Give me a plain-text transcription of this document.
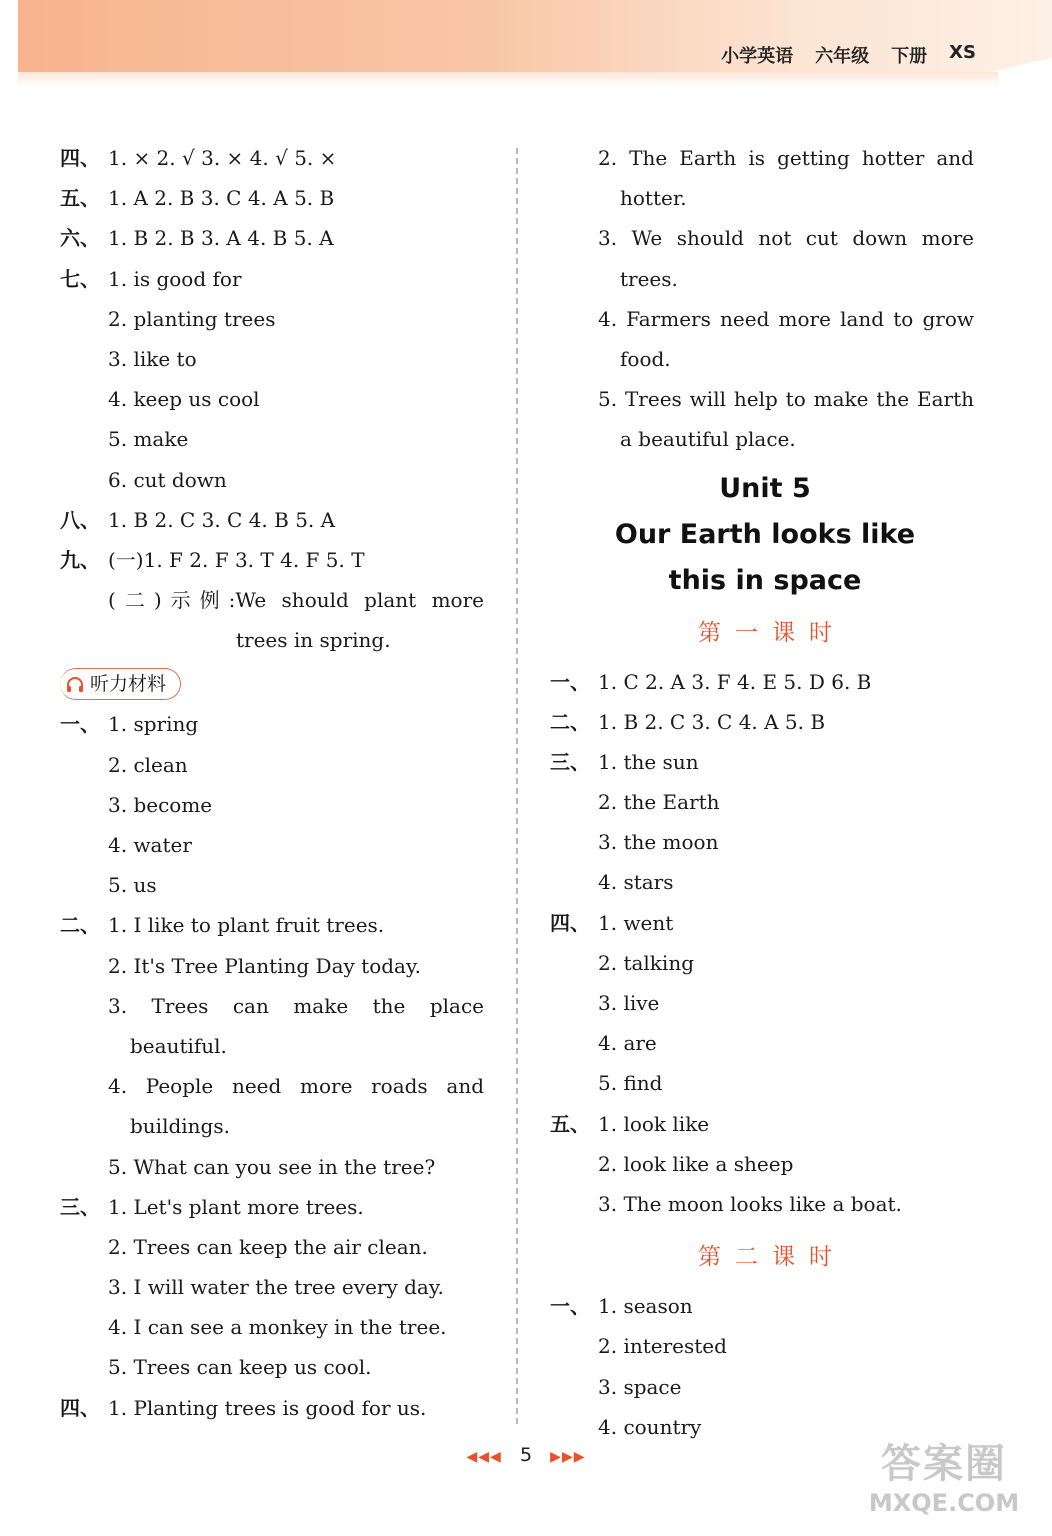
小学英语 六年级 下册 XS
四、 1. × 2. √ 3. × 4. √ 5. ×
五、 1. A 2. B 3. C 4. A 5. B
六、 1. B 2. B 3. A 4. B 5. A
七、 1. is good for
2. planting trees
3. like to
4. keep us cool
5. make
6. cut down
八、 1. B 2. C 3. C 4. B 5. A
九、 (一)1. F 2. F 3. T 4. F 5. T
(二)示例:We should plant more
trees in spring.
听力材料
一、 1. spring
2. clean
3. become
4. water
5. us
二、 1. I like to plant fruit trees.
2. It's Tree Planting Day today.
3. Trees can make the place
beautiful.
4. People need more roads and
buildings.
5. What can you see in the tree?
三、 1. Let's plant more trees.
2. Trees can keep the air clean.
3. I will water the tree every day.
4. I can see a monkey in the tree.
5. Trees can keep us cool.
四、 1. Planting trees is good for us.
2. The Earth is getting hotter and
hotter.
3. We should not cut down more
trees.
4. Farmers need more land to grow
food.
5. Trees will help to make the Earth
a beautiful place.
Unit 5
Our Earth looks like
this in space
第一课时
一、 1. C 2. A 3. F 4. E 5. D 6. B
二、 1. B 2. C 3. C 4. A 5. B
三、 1. the sun
2. the Earth
3. the moon
4. stars
四、 1. went
2. talking
3. live
4. are
5. find
五、 1. look like
2. look like a sheep
3. The moon looks like a boat.
第二课时
一、 1. season
2. interested
3. space
4. country
◀◀◀ 5 ▶▶▶	答案圈
MXQE.COM
